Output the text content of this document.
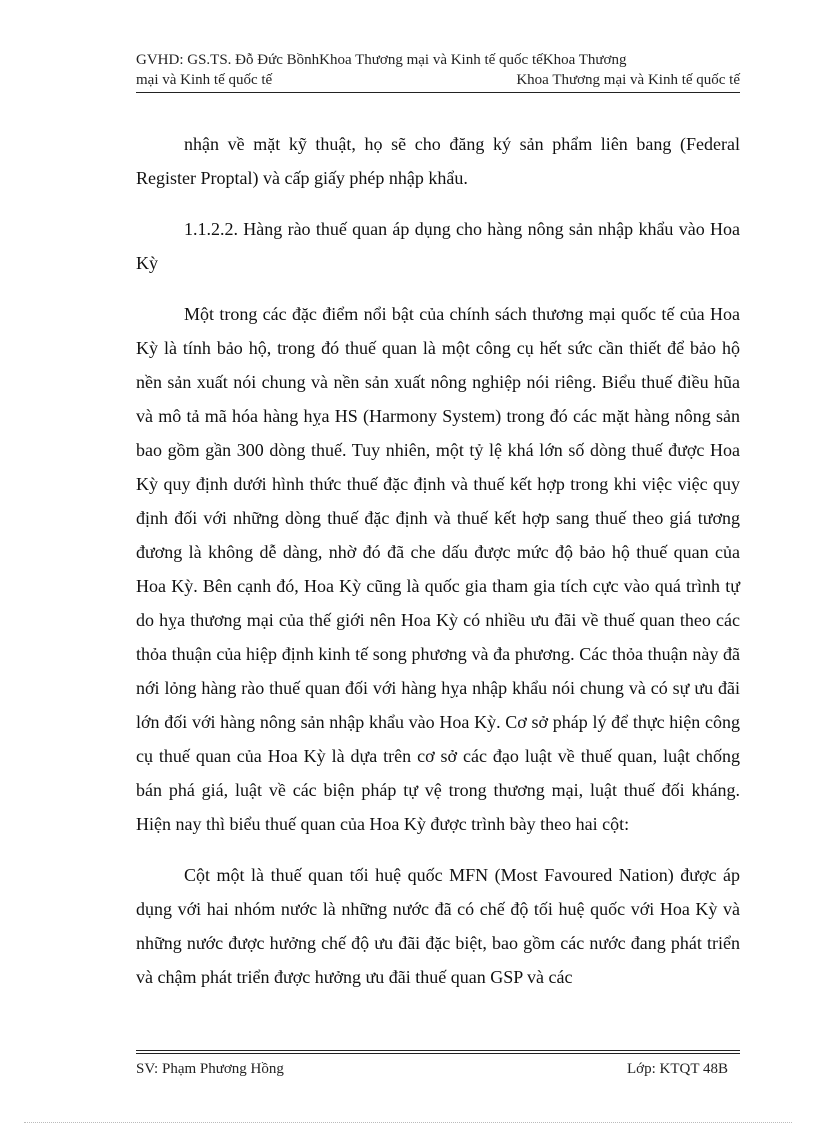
GVHD: GS.TS. Đỗ Đức BồnhKhoa Thương mại và Kinh tế quốc tếKhoa Thương
mại và Kinh tế quốc tế	Khoa Thương mại và Kinh tế quốc tế

nhận về mặt kỹ thuật, họ sẽ cho đăng ký sản phẩm liên bang (Federal Register Proptal) và cấp giấy phép nhập khẩu.

1.1.2.2. Hàng rào thuế quan áp dụng cho hàng nông sản nhập khẩu vào Hoa Kỳ

Một trong các đặc điểm nổi bật của chính sách thương mại quốc tế của Hoa Kỳ là tính bảo hộ, trong đó thuế quan là một công cụ hết sức cần thiết để bảo hộ nền sản xuất nói chung và nền sản xuất nông nghiệp nói riêng. Biểu thuế điều hũa và mô tả mã hóa hàng hỵa HS (Harmony System) trong đó các mặt hàng nông sản bao gồm gần 300 dòng thuế. Tuy nhiên, một tỷ lệ khá lớn số dòng thuế được Hoa Kỳ quy định dưới hình thức thuế đặc định và thuế kết hợp trong khi việc việc quy định đối với những dòng thuế đặc định và thuế kết hợp sang thuế theo giá tương đương là không dễ dàng, nhờ đó đã che dấu được mức độ bảo hộ thuế quan của Hoa Kỳ. Bên cạnh đó, Hoa Kỳ cũng là quốc gia tham gia tích cực vào quá trình tự do hỵa thương mại của thế giới nên Hoa Kỳ có nhiều ưu đãi về thuế quan theo các thỏa thuận của hiệp định kinh tế song phương và đa phương. Các thỏa thuận này đã nới lỏng hàng rào thuế quan đối với hàng hỵa nhập khẩu nói chung và có sự ưu đãi lớn đối với hàng nông sản nhập khẩu vào Hoa Kỳ. Cơ sở pháp lý để thực hiện công cụ thuế quan của Hoa Kỳ là dựa trên cơ sở các đạo luật về thuế quan, luật chống bán phá giá, luật về các biện pháp tự vệ trong thương mại, luật thuế đối kháng. Hiện nay thì biểu thuế quan của Hoa Kỳ được trình bày theo hai cột:

Cột một là thuế quan tối huệ quốc MFN (Most Favoured Nation) được áp dụng với hai nhóm nước là những nước đã có chế độ tối huệ quốc với Hoa Kỳ và những nước được hưởng chế độ ưu đãi đặc biệt, bao gồm các nước đang phát triển và chậm phát triển được hưởng ưu đãi thuế quan GSP và các

SV: Phạm Phương Hồng	Lớp: KTQT 48B
